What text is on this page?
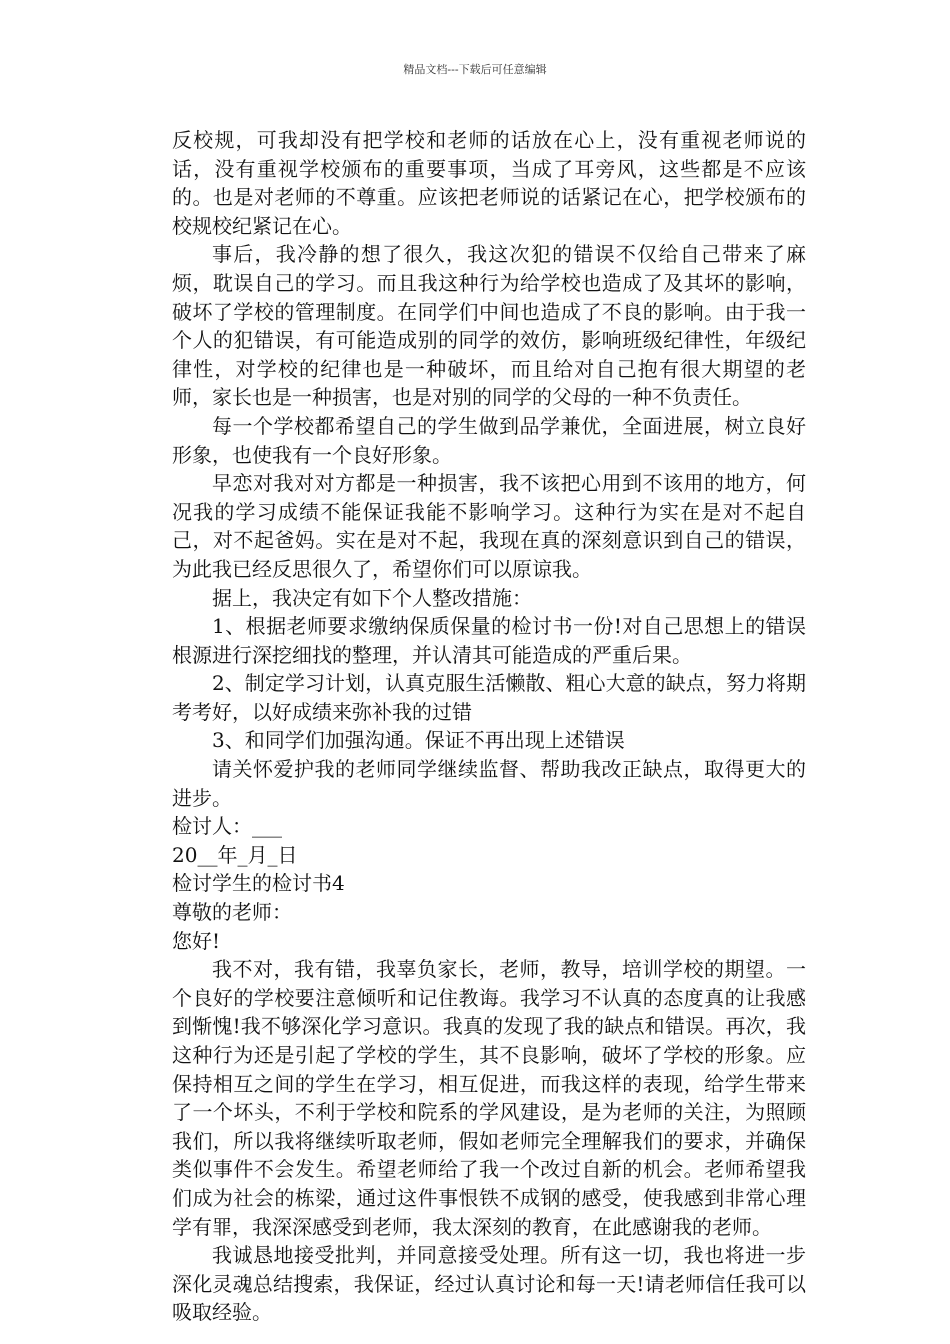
精品文档---下载后可任意编辑

反校规，可我却没有把学校和老师的话放在心上，没有重视老师说的话，没有重视学校颁布的重要事项，当成了耳旁风，这些都是不应该的。也是对老师的不尊重。应该把老师说的话紧记在心，把学校颁布的校规校纪紧记在心。

事后，我冷静的想了很久，我这次犯的错误不仅给自己带来了麻烦，耽误自己的学习。而且我这种行为给学校也造成了及其坏的影响，破坏了学校的管理制度。在同学们中间也造成了不良的影响。由于我一个人的犯错误，有可能造成别的同学的效仿，影响班级纪律性，年级纪律性，对学校的纪律也是一种破坏，而且给对自己抱有很大期望的老师，家长也是一种损害，也是对别的同学的父母的一种不负责任。

每一个学校都希望自己的学生做到品学兼优，全面进展，树立良好形象，也使我有一个良好形象。

早恋对我对对方都是一种损害，我不该把心用到不该用的地方，何况我的学习成绩不能保证我能不影响学习。这种行为实在是对不起自己，对不起爸妈。实在是对不起，我现在真的深刻意识到自己的错误，为此我已经反思很久了，希望你们可以原谅我。

据上，我决定有如下个人整改措施：

1、根据老师要求缴纳保质保量的检讨书一份!对自己思想上的错误根源进行深挖细找的整理，并认清其可能造成的严重后果。

2、制定学习计划，认真克服生活懒散、粗心大意的缺点，努力将期考考好，以好成绩来弥补我的过错

3、和同学们加强沟通。保证不再出现上述错误

请关怀爱护我的老师同学继续监督、帮助我改正缺点，取得更大的进步。

检讨人：___

20__年_月_日

检讨学生的检讨书4

尊敬的老师：

您好!

我不对，我有错，我辜负家长，老师，教导，培训学校的期望。一个良好的学校要注意倾听和记住教诲。我学习不认真的态度真的让我感到惭愧!我不够深化学习意识。我真的发现了我的缺点和错误。再次，我这种行为还是引起了学校的学生，其不良影响，破坏了学校的形象。应保持相互之间的学生在学习，相互促进，而我这样的表现，给学生带来了一个坏头，不利于学校和院系的学风建设，是为老师的关注，为照顾我们，所以我将继续听取老师，假如老师完全理解我们的要求，并确保类似事件不会发生。希望老师给了我一个改过自新的机会。老师希望我们成为社会的栋梁，通过这件事恨铁不成钢的感受，使我感到非常心理学有罪，我深深感受到老师，我太深刻的教育，在此感谢我的老师。

我诚恳地接受批判，并同意接受处理。所有这一切，我也将进一步深化灵魂总结搜索，我保证，经过认真讨论和每一天!请老师信任我可以吸取经验。
